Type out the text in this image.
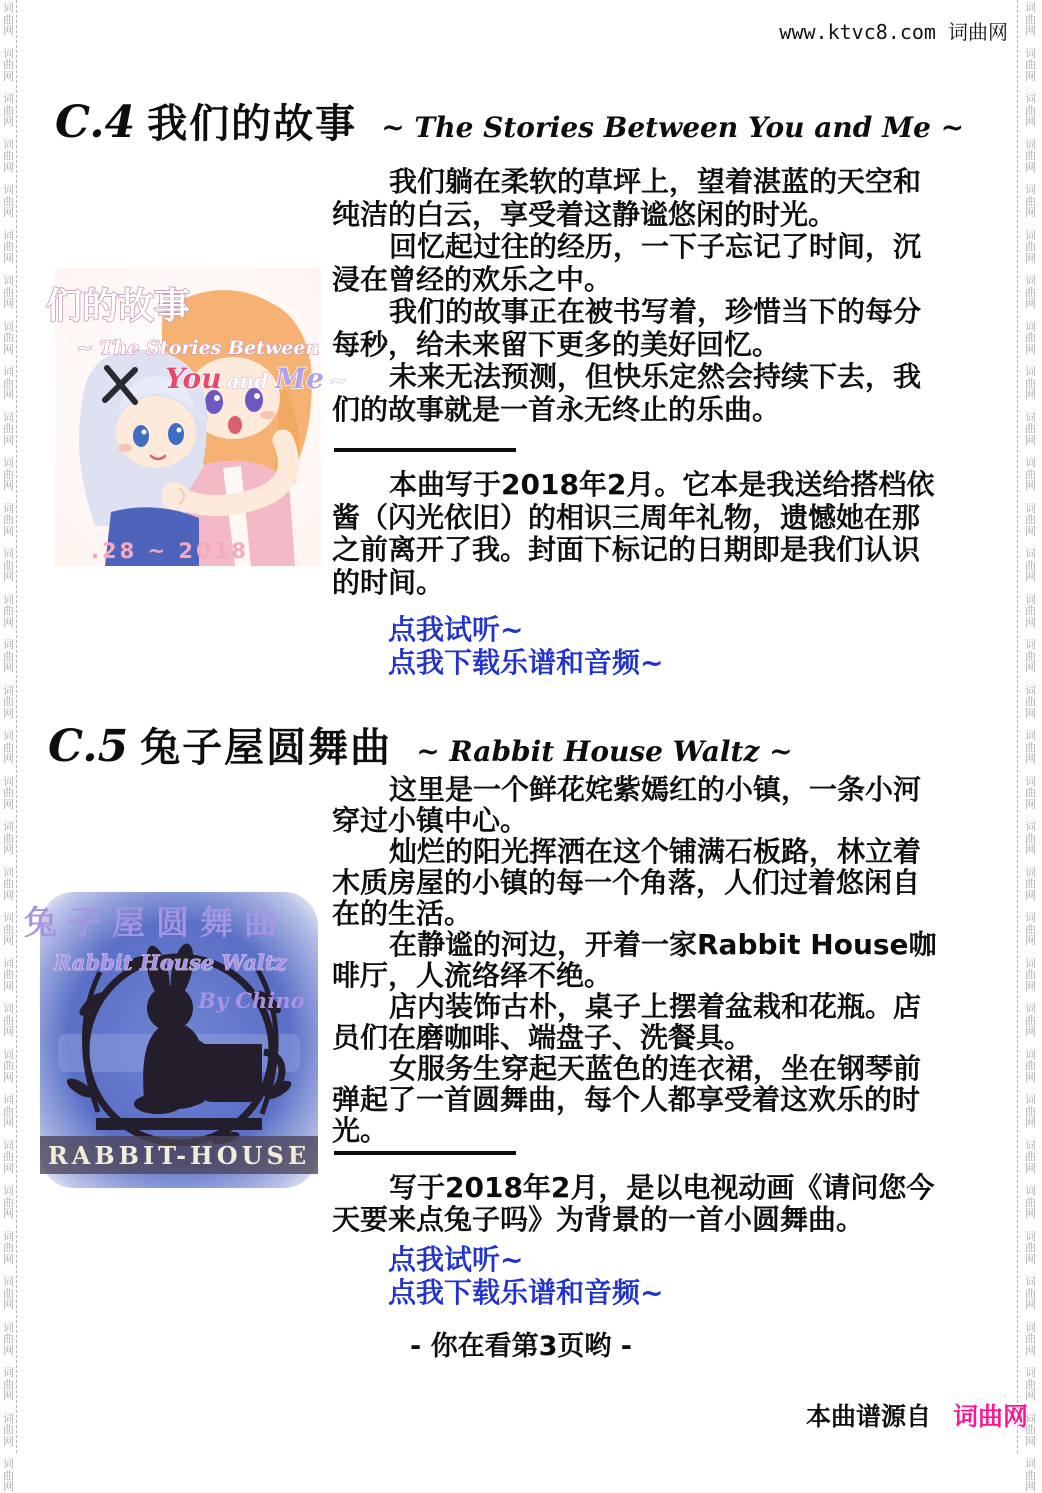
词
曲
网
词
曲
网
词
曲
网
词
曲
网
词
曲
网
词
曲
网
词
曲
网
词
曲
网
词
曲
网
词
曲
网
词
曲
网
词
曲
网
词
曲
网
词
曲
网
词
曲
网
词
曲
网
词
曲
网
词
曲
网
词
曲
网
词
曲
网
词
曲
网
词
曲
网
词
曲
网
词
曲
网
词
曲
网
词
曲
网
词
曲
网
词
曲
网
词
曲
网
词
曲
网
词
曲
网
词
曲
网
词
曲
网
词
曲
网
词
曲
网
词
曲
网
词
曲
网
词
曲
网
词
曲
网
词
曲
网
词
曲
网
词
曲
网
词
曲
网
词
曲
网
词
曲
网
词
曲
网
词
曲
网
词
曲
网
词
曲
网
词
曲
网
词
曲
网
词
曲
网
词
曲
网
词
曲
网
词
曲
网
词
曲
网
词
曲
网
词
曲
网
词
曲
网
词
曲
网
词
曲
网
词
曲
网
词
曲
网
词
曲
网
词
曲
网
词
曲
网
www.ktvc8.com 词曲网
C.4 我们的故事 ~ The Stories Between You and Me ~
们的故事
~ The Stories Between
You and Me ~
.28 ~ 2018
我们躺在柔软的草坪上，望着湛蓝的天空和
纯洁的白云，享受着这静谧悠闲的时光。
回忆起过往的经历，一下子忘记了时间，沉
浸在曾经的欢乐之中。
我们的故事正在被书写着，珍惜当下的每分
每秒，给未来留下更多的美好回忆。
未来无法预测，但快乐定然会持续下去，我
们的故事就是一首永无终止的乐曲。
本曲写于2018年2月。它本是我送给搭档依
酱（闪光依旧）的相识三周年礼物，遗憾她在那
之前离开了我。封面下标记的日期即是我们认识
的时间。
点我试听~
点我下载乐谱和音频~
C.5 兔子屋圆舞曲 ~ Rabbit House Waltz ~
兔子屋圆舞曲
Rabbit House Waltz
By Chino
RABBIT-HOUSE
这里是一个鲜花姹紫嫣红的小镇，一条小河
穿过小镇中心。
灿烂的阳光挥洒在这个铺满石板路，林立着
木质房屋的小镇的每一个角落，人们过着悠闲自
在的生活。
在静谧的河边，开着一家Rabbit House咖
啡厅，人流络绎不绝。
店内装饰古朴，桌子上摆着盆栽和花瓶。店
员们在磨咖啡、端盘子、洗餐具。
女服务生穿起天蓝色的连衣裙，坐在钢琴前
弹起了一首圆舞曲，每个人都享受着这欢乐的时
光。
写于2018年2月，是以电视动画《请问您今
天要来点兔子吗》为背景的一首小圆舞曲。
点我试听~
点我下载乐谱和音频~
- 你在看第3页哟 -
本曲谱源自 词曲网
